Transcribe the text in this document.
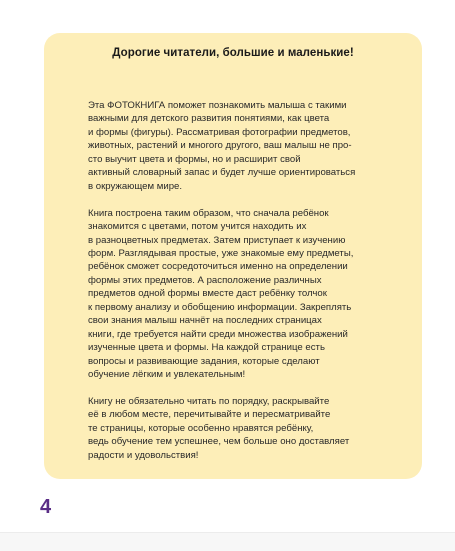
Дорогие читатели, большие и маленькие!
Эта ФОТОКНИГА поможет познакомить малыша с такими
важными для детского развития понятиями, как цвета
и формы (фигуры). Рассматривая фотографии предметов,
животных, растений и многого другого, ваш малыш не про-
сто выучит цвета и формы, но и расширит свой
активный словарный запас и будет лучше ориентироваться
в окружающем мире.
Книга построена таким образом, что сначала ребёнок
знакомится с цветами, потом учится находить их
в разноцветных предметах. Затем приступает к изучению
форм. Разглядывая простые, уже знакомые ему предметы,
ребёнок сможет сосредоточиться именно на определении
формы этих предметов. А расположение различных
предметов одной формы вместе даст ребёнку толчок
к первому анализу и обобщению информации. Закреплять
свои знания малыш начнёт на последних страницах
книги, где требуется найти среди множества изображений
изученные цвета и формы. На каждой странице есть
вопросы и развивающие задания, которые сделают
обучение лёгким и увлекательным!
Книгу не обязательно читать по порядку, раскрывайте
её в любом месте, перечитывайте и пересматривайте
те страницы, которые особенно нравятся ребёнку,
ведь обучение тем успешнее, чем больше оно доставляет
радости и удовольствия!
4
